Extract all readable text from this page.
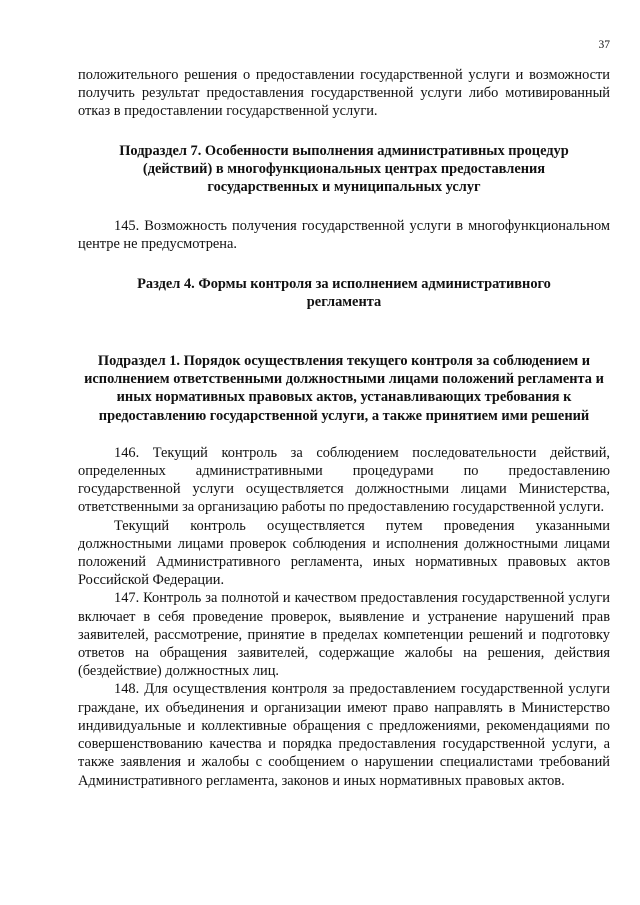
37

положительного решения о предоставлении государственной услуги и возможности получить результат предоставления государственной услуги либо мотивированный отказ в предоставлении государственной услуги.

Подраздел 7. Особенности выполнения административных процедур (действий) в многофункциональных центрах предоставления государственных и муниципальных услуг

145. Возможность получения государственной услуги в многофункциональном центре не предусмотрена.

Раздел 4. Формы контроля за исполнением административного регламента

Подраздел 1. Порядок осуществления текущего контроля за соблюдением и исполнением ответственными должностными лицами положений регламента и иных нормативных правовых актов, устанавливающих требования к предоставлению государственной услуги, а также принятием ими решений

146. Текущий контроль за соблюдением последовательности действий, определенных административными процедурами по предоставлению государственной услуги осуществляется должностными лицами Министерства, ответственными за организацию работы по предоставлению государственной услуги.

Текущий контроль осуществляется путем проведения указанными должностными лицами проверок соблюдения и исполнения должностными лицами положений Административного регламента, иных нормативных правовых актов Российской Федерации.

147. Контроль за полнотой и качеством предоставления государственной услуги включает в себя проведение проверок, выявление и устранение нарушений прав заявителей, рассмотрение, принятие в пределах компетенции решений и подготовку ответов на обращения заявителей, содержащие жалобы на решения, действия (бездействие) должностных лиц.

148. Для осуществления контроля за предоставлением государственной услуги граждане, их объединения и организации имеют право направлять в Министерство индивидуальные и коллективные обращения с предложениями, рекомендациями по совершенствованию качества и порядка предоставления государственной услуги, а также заявления и жалобы с сообщением о нарушении специалистами требований Административного регламента, законов и иных нормативных правовых актов.
